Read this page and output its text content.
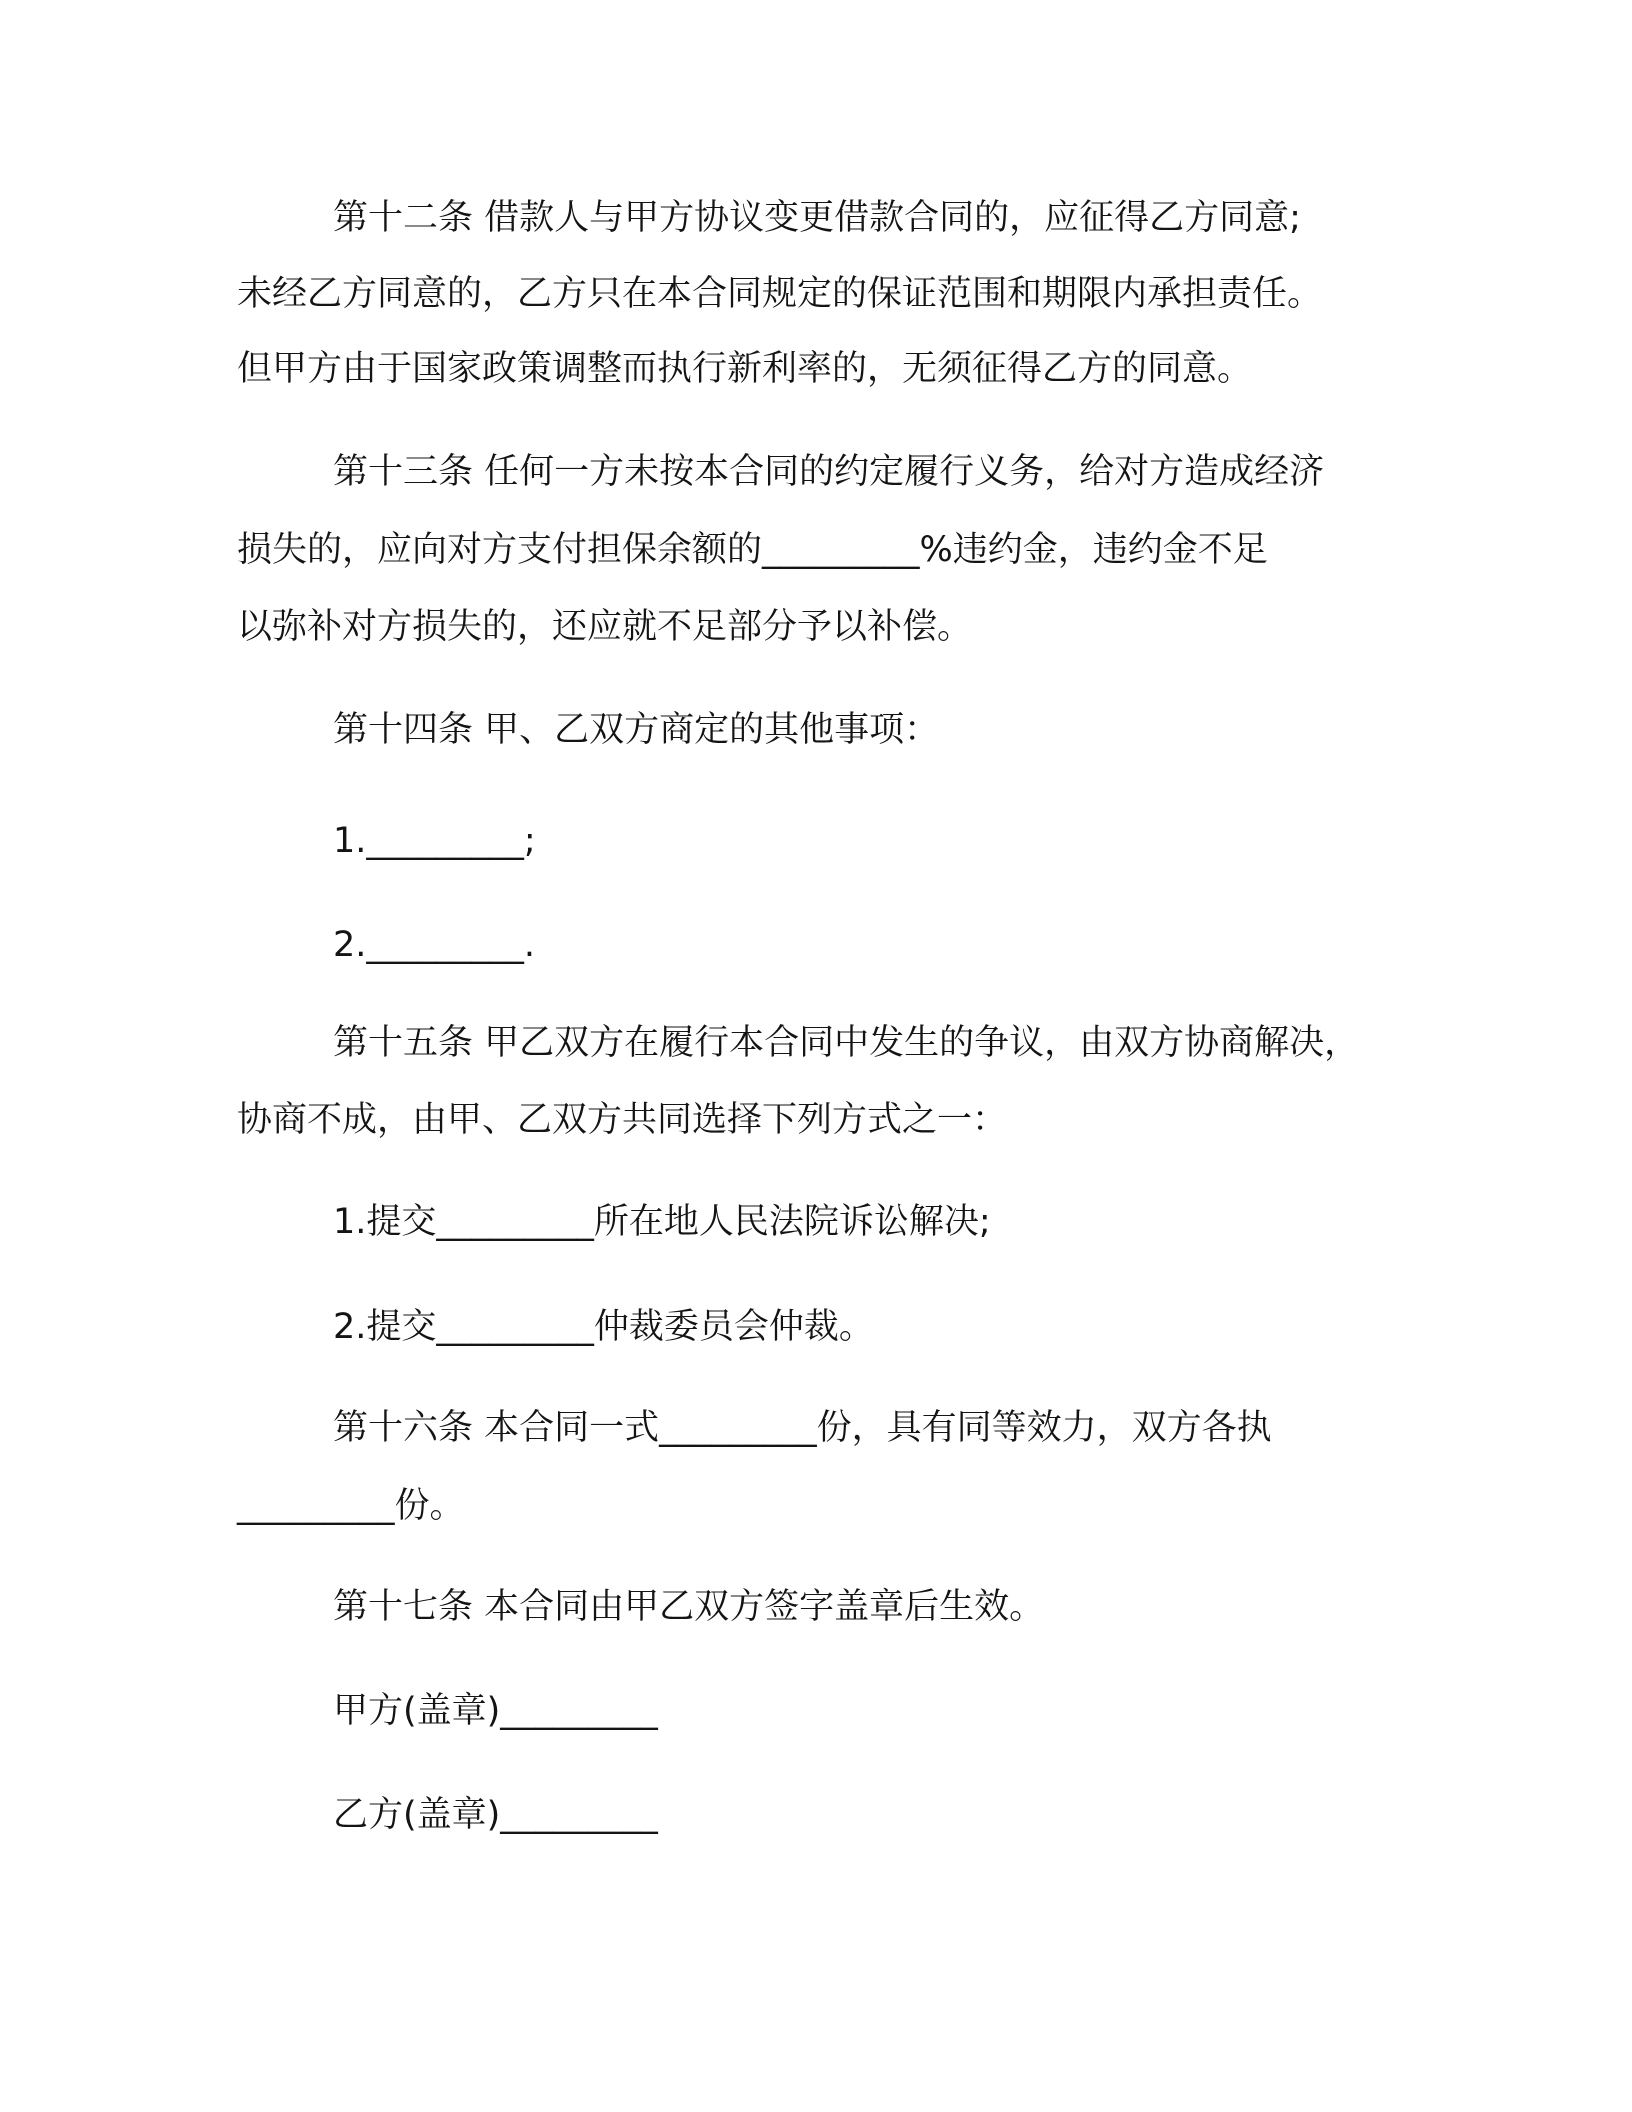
第十二条 借款人与甲方协议变更借款合同的，应征得乙方同意;

未经乙方同意的，乙方只在本合同规定的保证范围和期限内承担责任。

但甲方由于国家政策调整而执行新利率的，无须征得乙方的同意。

第十三条 任何一方未按本合同的约定履行义务，给对方造成经济

损失的，应向对方支付担保余额的_________%违约金，违约金不足

以弥补对方损失的，还应就不足部分予以补偿。

第十四条 甲、乙双方商定的其他事项：

1._________;

2._________.

第十五条 甲乙双方在履行本合同中发生的争议，由双方协商解决，

协商不成，由甲、乙双方共同选择下列方式之一：

1.提交_________所在地人民法院诉讼解决;

2.提交_________仲裁委员会仲裁。

第十六条 本合同一式_________份，具有同等效力，双方各执

_________份。

第十七条 本合同由甲乙双方签字盖章后生效。

甲方(盖章)_________

乙方(盖章)_________
